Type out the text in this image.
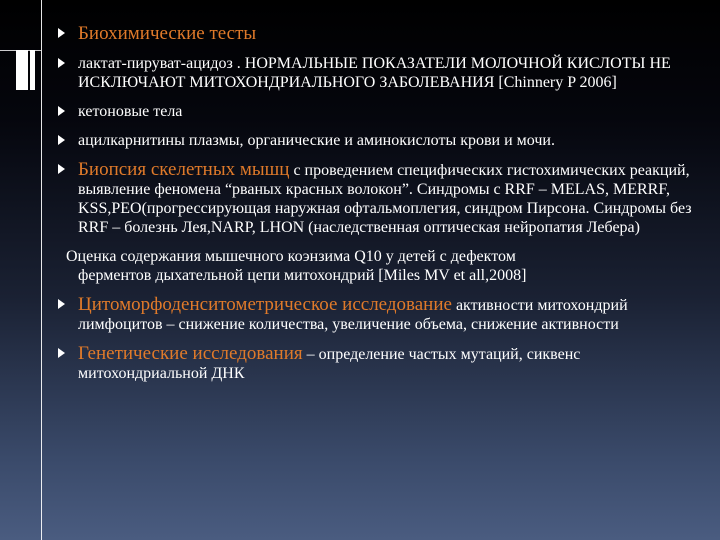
Биохимические тесты
лактат-пируват-ацидоз . НОРМАЛЬНЫЕ ПОКАЗАТЕЛИ МОЛОЧНОЙ КИСЛОТЫ НЕ ИСКЛЮЧАЮТ МИТОХОНДРИАЛЬНОГО ЗАБОЛЕВАНИЯ [Chinnery P 2006]
кетоновые тела
ацилкарнитины плазмы, органические и аминокислоты крови и мочи.
Биопсия скелетных мышц с проведением специфических гистохимических реакций, выявление феномена “рваных красных волокон”. Синдромы с RRF – MELAS, MERRF, KSS,PEO(прогрессирующая наружная офтальмоплегия, синдром Пирсона. Синдромы без RRF – болезнь Лея,NARP, LHON (наследственная оптическая нейропатия Лебера)
Оценка содержания мышечного коэнзима Q10 у детей с дефектом
ферментов дыхательной цепи митохондрий [Miles MV et all,2008]
Цитоморфоденситометрическое исследование активности митохондрий лимфоцитов – снижение количества, увеличение объема, снижение активности
Генетические исследования – определение частых мутаций, сиквенс митохондриальной ДНК
